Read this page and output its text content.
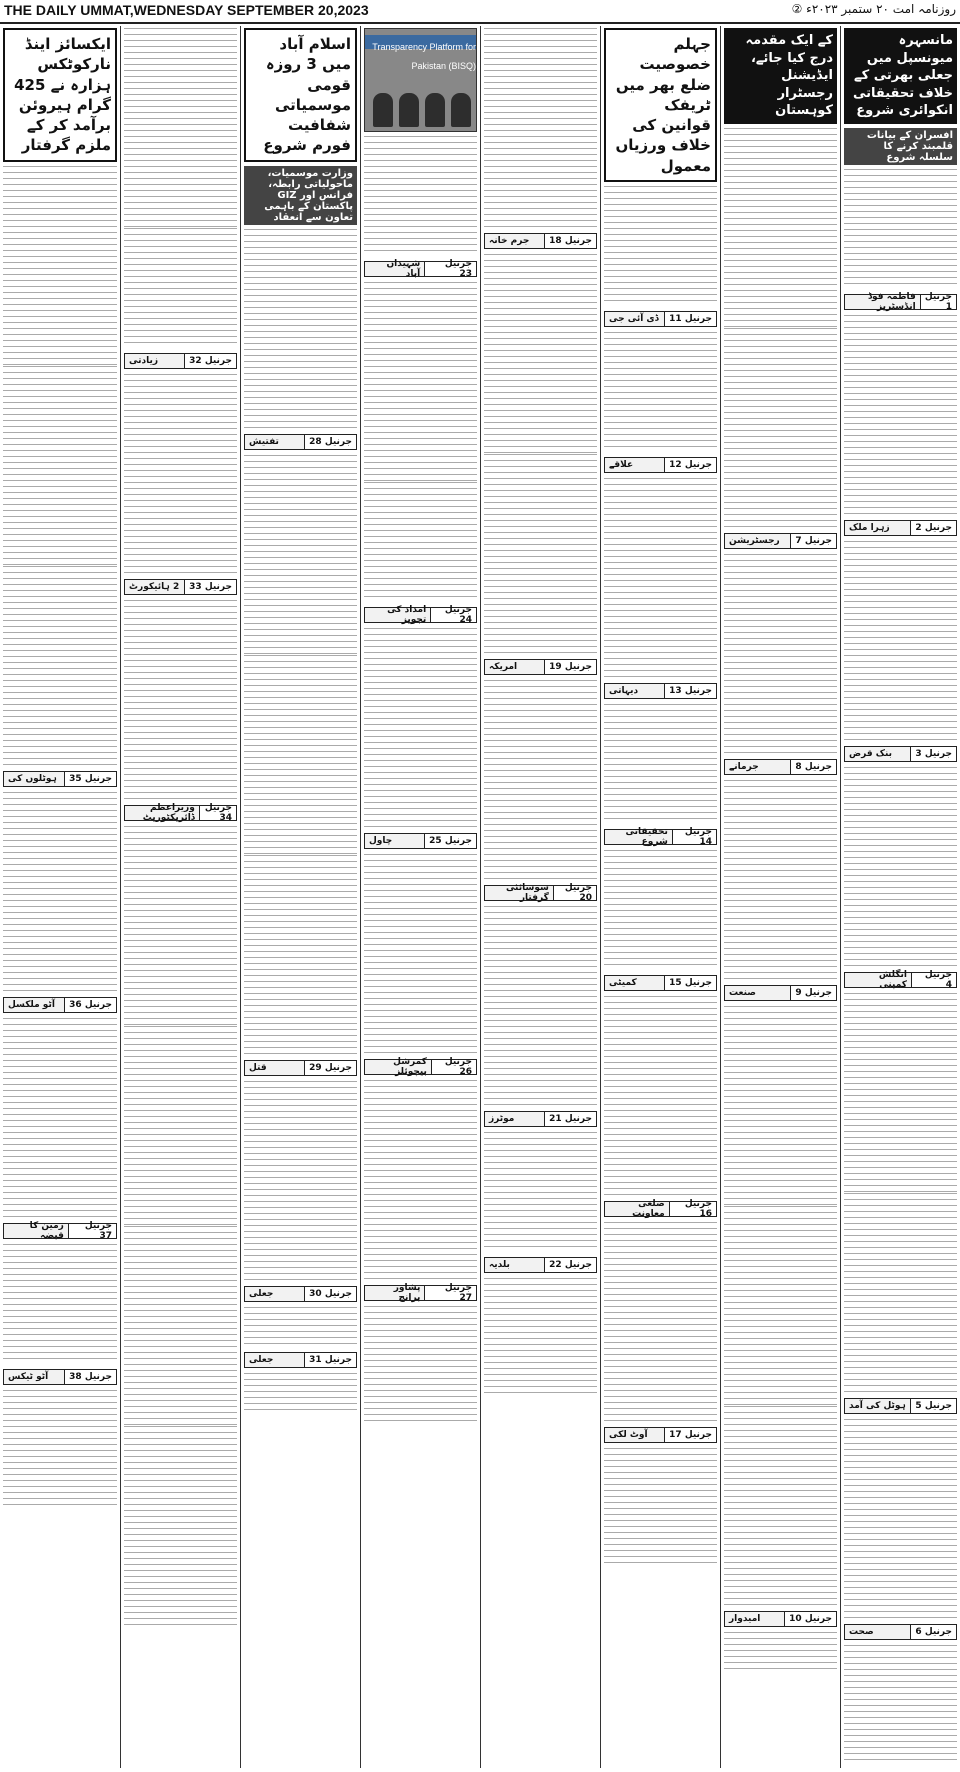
THE DAILY UMMAT,WEDNESDAY SEPTEMBER 20,2023	روزنامہ امت ۲۰ ستمبر ۲۰۲۳ء ②
مانسہرہ میونسپل میں جعلی بھرتی کے خلاف تحقیقاتی انکوائری شروع
افسران کے بیانات قلمبند کرنے کا سلسلہ شروع
جرنیل 1
فاطمہ فوڈ انڈسٹریز
جرنیل 2
زہرا ملک
جرنیل 3
بنک قرض
جرنیل 4
انگلش کمپنی
جرنیل 5
ہوٹل کی آمد
جرنیل 6
صحت
کے ایک مقدمہ درج کیا جائے، ایڈیشنل رجسٹرار کوہستان
جرنیل 7
رجسٹریشن
جرنیل 8
جرمانے
جرنیل 9
صنعت
جرنیل 10
امیدوار
جہلم خصوصیت ضلع بھر میں ٹریفک قوانین کی خلاف ورزیاں معمول
جرنیل 11
ڈی آئی جی
جرنیل 12
علاقے
جرنیل 13
دیہاتی
جرنیل 14
تحقیقاتی شروع
جرنیل 15
کمیٹی
جرنیل 16
ضلعی معاونت
جرنیل 17
آوٹ لکی
جرنیل 18
جرم خانہ
جرنیل 19
امریکہ
جرنیل 20
سوسائٹی گرفتار
جرنیل 21
موٹرز
جرنیل 22
بلدیہ
Transparency Platform for Pakistan (BISQ)
جرنیل 23
شہیداں آباد
جرنیل 24
امداد کی تجویز
جرنیل 25
چاول
جرنیل 26
کمرشل بیچوئلز
جرنیل 27
پشاور برانچ
اسلام آباد میں 3 روزہ قومی موسمیاتی شفافیت فورم شروع
وزارت موسمیات، ماحولیاتی رابطہ، فرانس اور GIZ پاکستان کے باہمی تعاون سے انعقاد
جرنیل 28
تفتیش
جرنیل 29
قتل
جرنیل 30
جعلی
جرنیل 31
جعلی
جرنیل 32
زیادتی
جرنیل 33
2 ہائیکورٹ
جرنیل 34
وزیراعظم ڈائریکٹوریٹ
ایکسائز اینڈ نارکوٹکس ہزارہ نے 425 گرام ہیروئن برآمد کر کے ملزم گرفتار
جرنیل 35
ہوٹلوں کی
جرنیل 36
آٹو ملکسل
جرنیل 37
زمین کا قبضہ
جرنیل 38
آٹو ٹیکس
